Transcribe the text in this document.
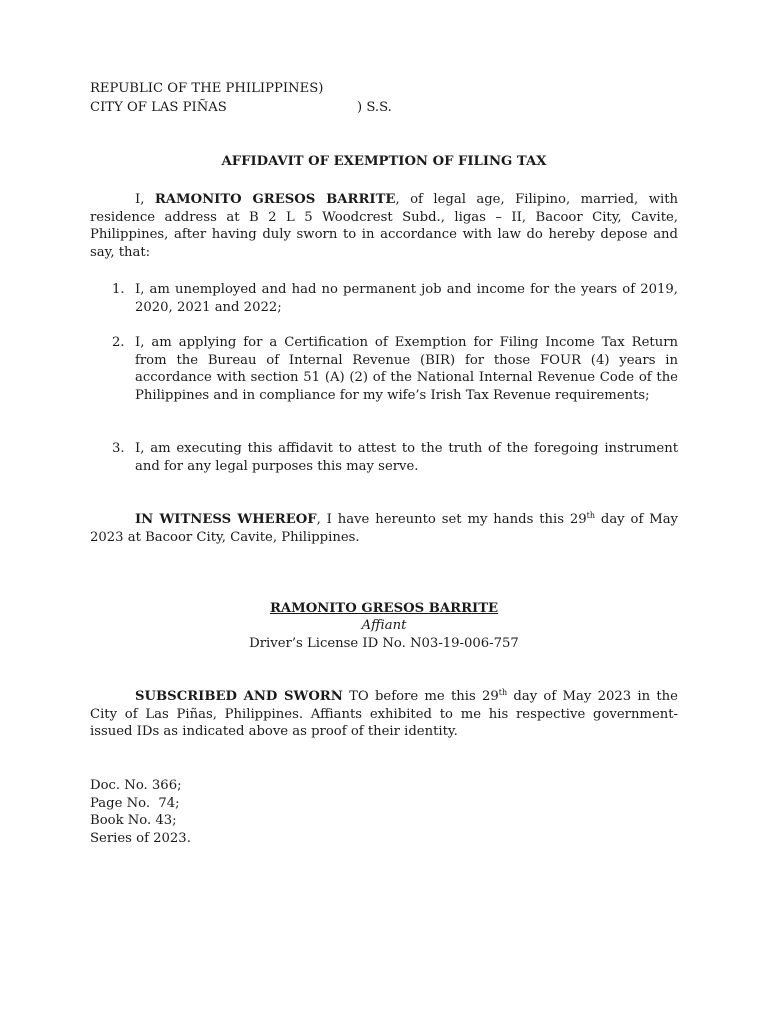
REPUBLIC OF THE PHILIPPINES)
CITY OF LAS PIÑAS	) S.S.
AFFIDAVIT OF EXEMPTION OF FILING TAX
I, RAMONITO GRESOS BARRITE, of legal age, Filipino, married, with residence address at B 2 L 5 Woodcrest Subd., ligas – II, Bacoor City, Cavite, Philippines, after having duly sworn to in accordance with law do hereby depose and say, that:
1. I, am unemployed and had no permanent job and income for the years of 2019, 2020, 2021 and 2022;
2. I, am applying for a Certification of Exemption for Filing Income Tax Return from the Bureau of Internal Revenue (BIR) for those FOUR (4) years in accordance with section 51 (A) (2) of the National Internal Revenue Code of the Philippines and in compliance for my wife’s Irish Tax Revenue requirements;
3. I, am executing this affidavit to attest to the truth of the foregoing instrument and for any legal purposes this may serve.
IN WITNESS WHEREOF, I have hereunto set my hands this 29th day of May 2023 at Bacoor City, Cavite, Philippines.
RAMONITO GRESOS BARRITE
Affiant
Driver’s License ID No. N03-19-006-757
SUBSCRIBED AND SWORN TO before me this 29th day of May 2023 in the City of Las Piñas, Philippines. Affiants exhibited to me his respective government-issued IDs as indicated above as proof of their identity.
Doc. No. 366;
Page No.  74;
Book No. 43;
Series of 2023.
